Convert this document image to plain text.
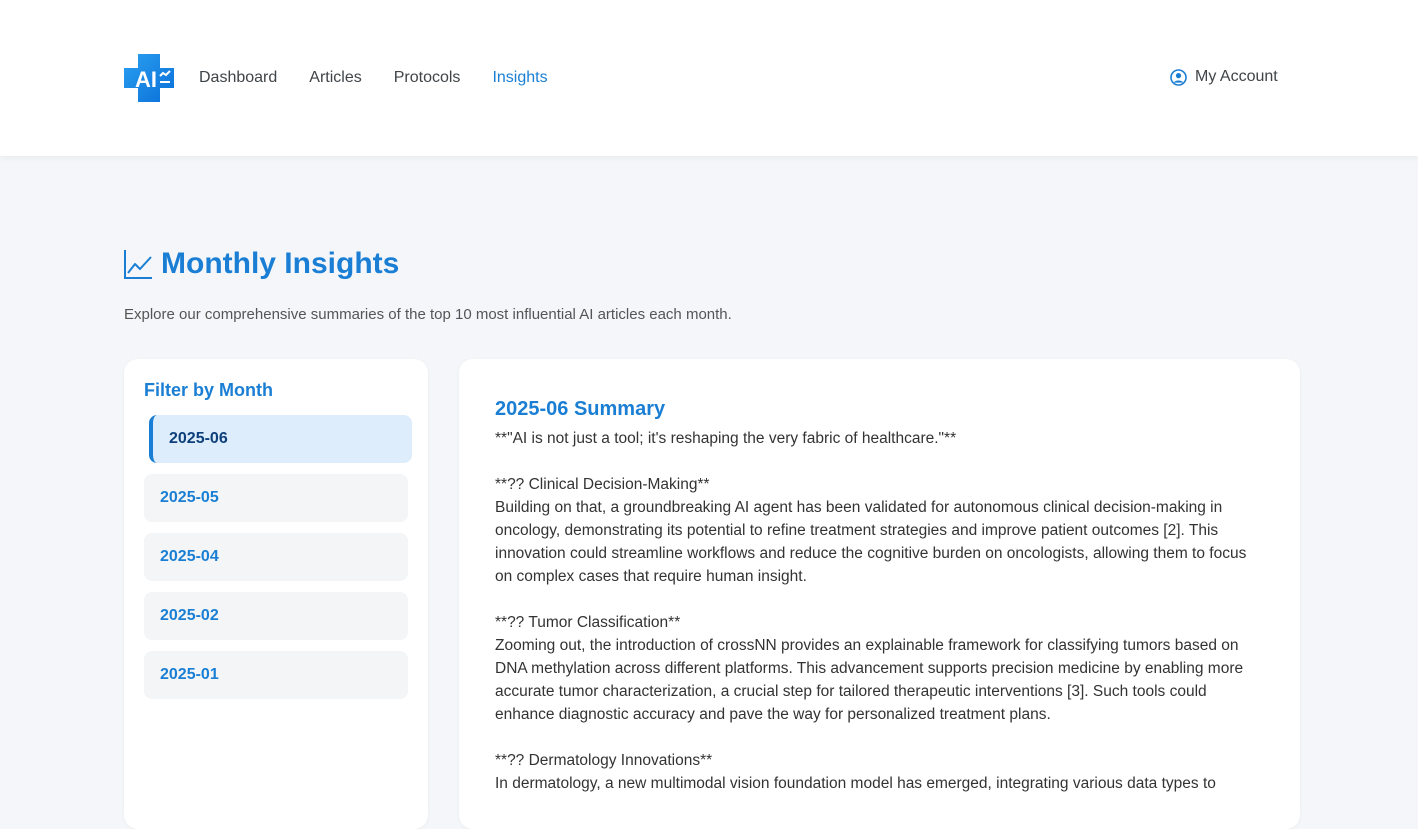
AI	Dashboard Articles Protocols Insights	My Account
Monthly Insights
Explore our comprehensive summaries of the top 10 most influential AI articles each month.
Filter by Month
2025-06
2025-05
2025-04
2025-02
2025-01
2025-06 Summary

**"AI is not just a tool; it's reshaping the very fabric of healthcare."**

**?? Clinical Decision-Making**
Building on that, a groundbreaking AI agent has been validated for autonomous clinical decision-making in oncology, demonstrating its potential to refine treatment strategies and improve patient outcomes [2]. This innovation could streamline workflows and reduce the cognitive burden on oncologists, allowing them to focus on complex cases that require human insight.

**?? Tumor Classification**
Zooming out, the introduction of crossNN provides an explainable framework for classifying tumors based on DNA methylation across different platforms. This advancement supports precision medicine by enabling more accurate tumor characterization, a crucial step for tailored therapeutic interventions [3]. Such tools could enhance diagnostic accuracy and pave the way for personalized treatment plans.

**?? Dermatology Innovations**
In dermatology, a new multimodal vision foundation model has emerged, integrating various data types to
